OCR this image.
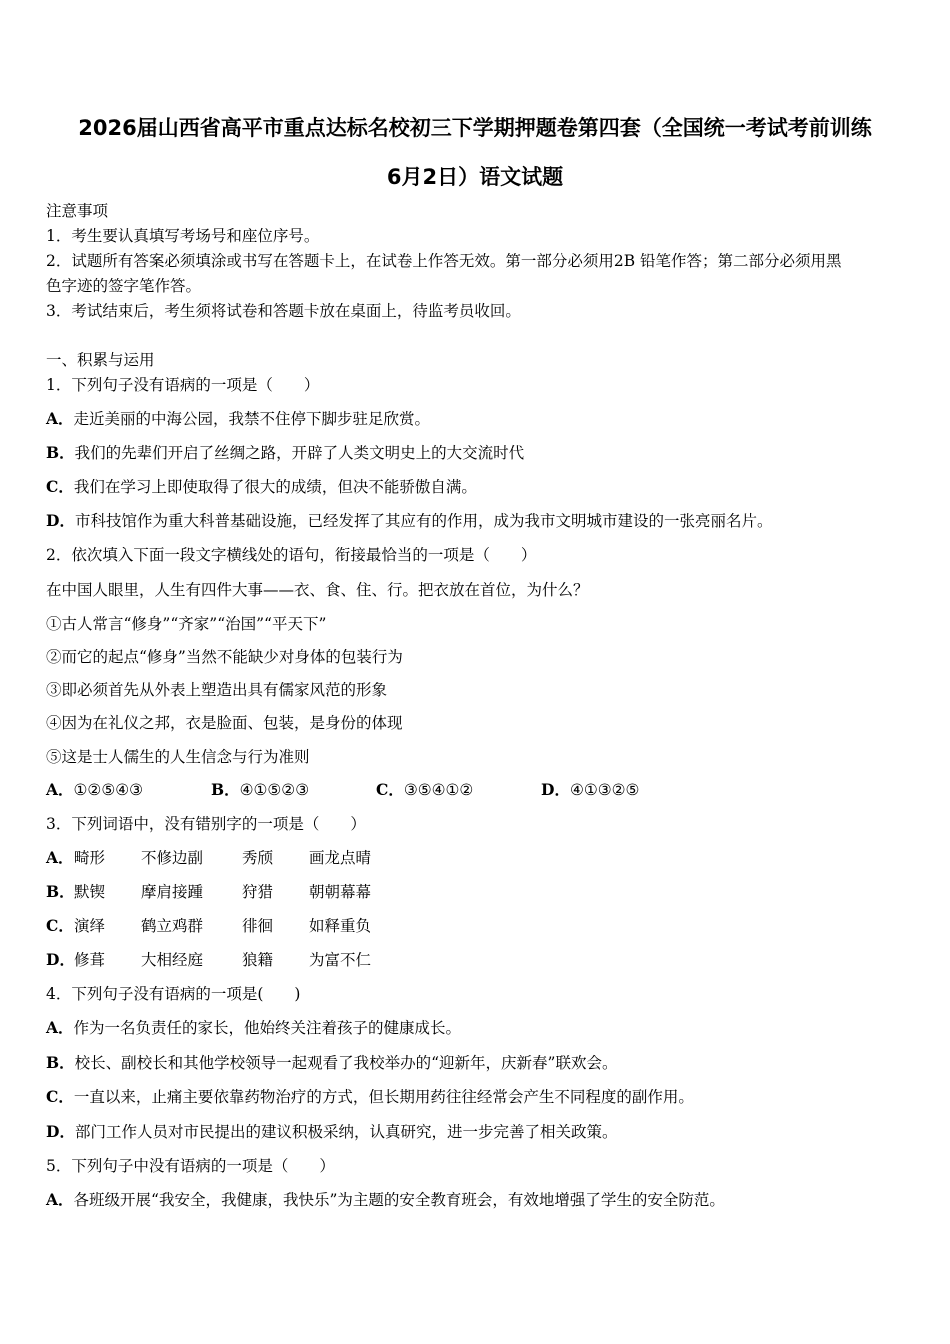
2026届山西省高平市重点达标名校初三下学期押题卷第四套（全国统一考试考前训练
6月2日）语文试题
注意事项
1．考生要认真填写考场号和座位序号。
2．试题所有答案必须填涂或书写在答题卡上，在试卷上作答无效。第一部分必须用2B 铅笔作答；第二部分必须用黑
色字迹的签字笔作答。
3．考试结束后，考生须将试卷和答题卡放在桌面上，待监考员收回。
一、积累与运用
1．下列句子没有语病的一项是（　　）
A．走近美丽的中海公园，我禁不住停下脚步驻足欣赏。
B．我们的先辈们开启了丝绸之路，开辟了人类文明史上的大交流时代
C．我们在学习上即使取得了很大的成绩，但决不能骄傲自满。
D．市科技馆作为重大科普基础设施，已经发挥了其应有的作用，成为我市文明城市建设的一张亮丽名片。
2．依次填入下面一段文字横线处的语句，衔接最恰当的一项是（　　）
在中国人眼里，人生有四件大事——衣、食、住、行。把衣放在首位，为什么？
①古人常言“修身”“齐家”“治国”“平天下”
②而它的起点“修身”当然不能缺少对身体的包装行为
③即必须首先从外表上塑造出具有儒家风范的形象
④因为在礼仪之邦，衣是脸面、包装，是身份的体现
⑤这是士人儒生的人生信念与行为准则
A．①②⑤④③	B．④①⑤②③	C．③⑤④①②	D．④①③②⑤
3．下列词语中，没有错别字的一项是（　　）
A．畸形 不修边副	秀颀 画龙点晴
B．默锲 摩肩接踵	狩猎 朝朝幕幕
C．演绎 鹤立鸡群	徘徊 如释重负
D．修葺 大相经庭	狼籍 为富不仁
4．下列句子没有语病的一项是(　　)
A．作为一名负责任的家长，他始终关注着孩子的健康成长。
B．校长、副校长和其他学校领导一起观看了我校举办的“迎新年，庆新春”联欢会。
C．一直以来，止痛主要依靠药物治疗的方式，但长期用药往往经常会产生不同程度的副作用。
D．部门工作人员对市民提出的建议积极采纳，认真研究，进一步完善了相关政策。
5．下列句子中没有语病的一项是（　　）
A．各班级开展“我安全，我健康，我快乐”为主题的安全教育班会，有效地增强了学生的安全防范。
